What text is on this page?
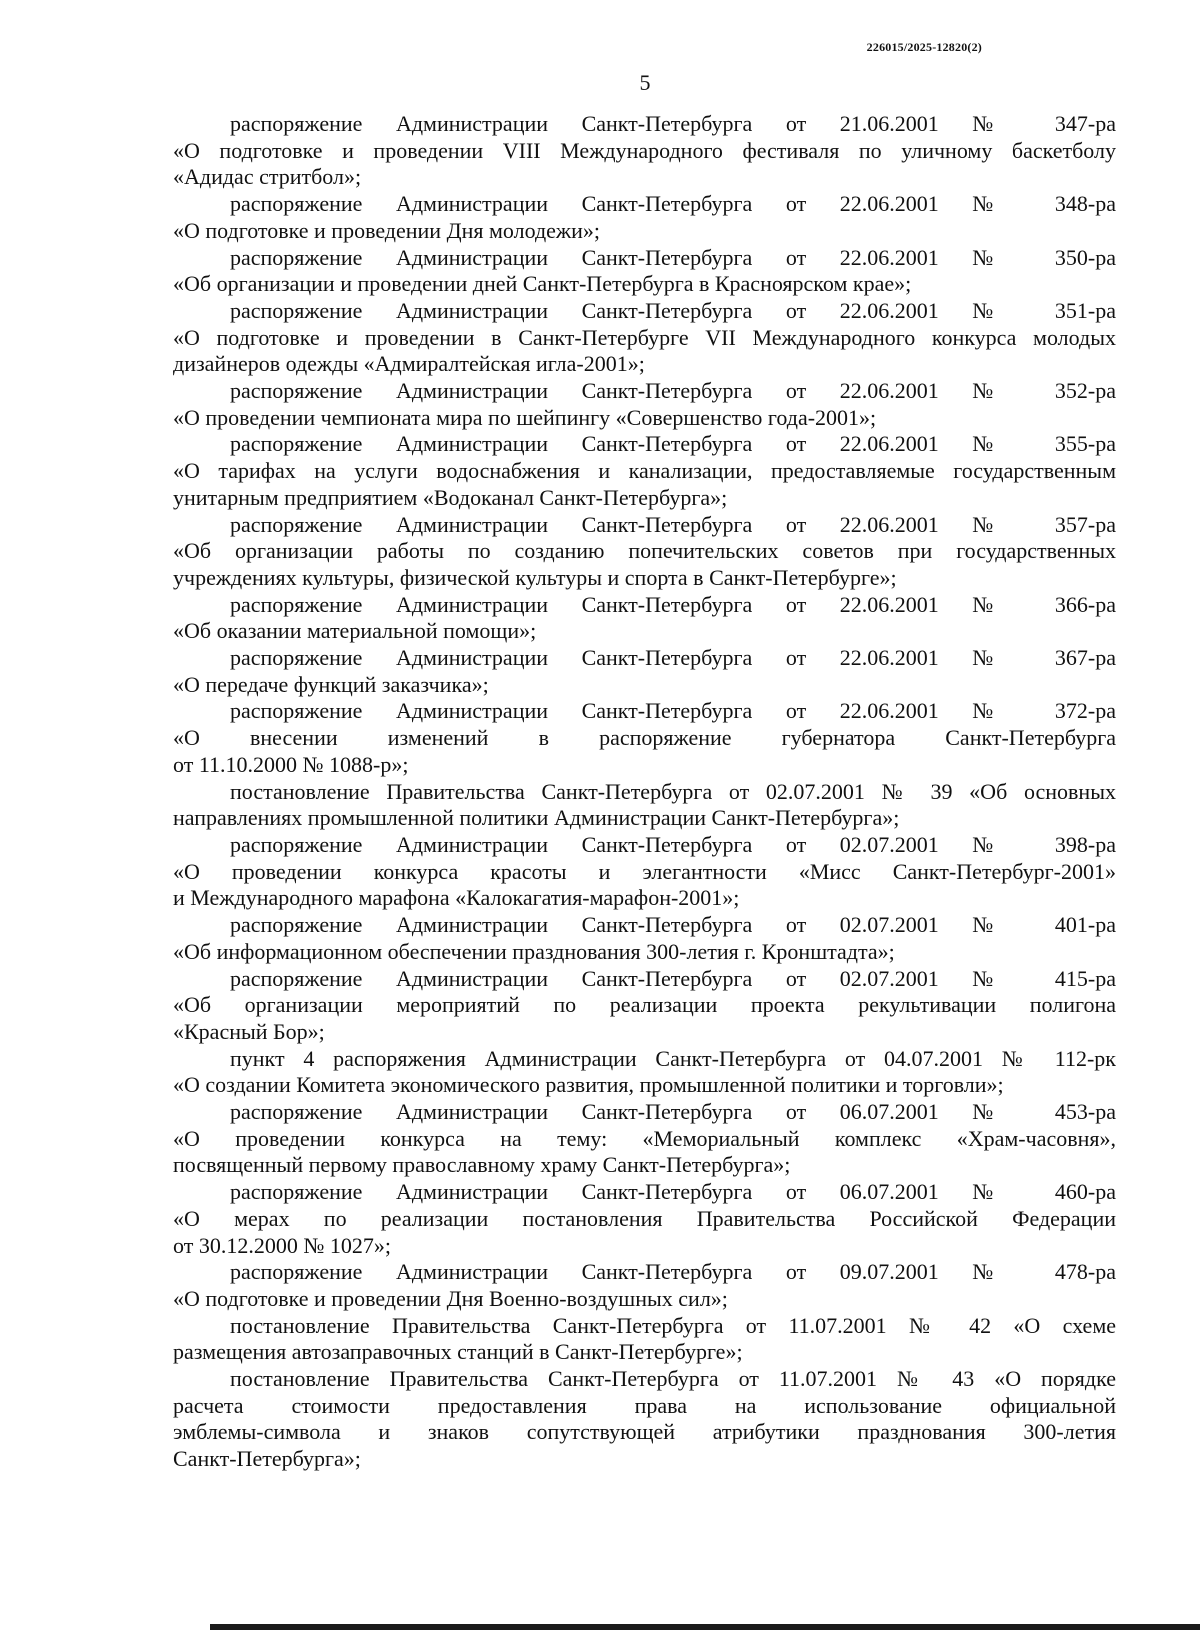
226015/2025-12820(2)
5
распоряжение Администрации Санкт-Петербурга от 21.06.2001 № 347-ра
«О подготовке и проведении VIII Международного фестиваля по уличному баскетболу
«Адидас стритбол»;
распоряжение Администрации Санкт-Петербурга от 22.06.2001 № 348-ра
«О подготовке и проведении Дня молодежи»;
распоряжение Администрации Санкт-Петербурга от 22.06.2001 № 350-ра
«Об организации и проведении дней Санкт-Петербурга в Красноярском крае»;
распоряжение Администрации Санкт-Петербурга от 22.06.2001 № 351-ра
«О подготовке и проведении в Санкт-Петербурге VII Международного конкурса молодых
дизайнеров одежды «Адмиралтейская игла-2001»;
распоряжение Администрации Санкт-Петербурга от 22.06.2001 № 352-ра
«О проведении чемпионата мира по шейпингу «Совершенство года-2001»;
распоряжение Администрации Санкт-Петербурга от 22.06.2001 № 355-ра
«О тарифах на услуги водоснабжения и канализации, предоставляемые государственным
унитарным предприятием «Водоканал Санкт-Петербурга»;
распоряжение Администрации Санкт-Петербурга от 22.06.2001 № 357-ра
«Об организации работы по созданию попечительских советов при государственных
учреждениях культуры, физической культуры и спорта в Санкт-Петербурге»;
распоряжение Администрации Санкт-Петербурга от 22.06.2001 № 366-ра
«Об оказании материальной помощи»;
распоряжение Администрации Санкт-Петербурга от 22.06.2001 № 367-ра
«О передаче функций заказчика»;
распоряжение Администрации Санкт-Петербурга от 22.06.2001 № 372-ра
«О внесении изменений в распоряжение губернатора Санкт-Петербурга
от 11.10.2000 № 1088-р»;
постановление Правительства Санкт-Петербурга от 02.07.2001 № 39 «Об основных
направлениях промышленной политики Администрации Санкт-Петербурга»;
распоряжение Администрации Санкт-Петербурга от 02.07.2001 № 398-ра
«О проведении конкурса красоты и элегантности «Мисс Санкт-Петербург-2001»
и Международного марафона «Калокагатия-марафон-2001»;
распоряжение Администрации Санкт-Петербурга от 02.07.2001 № 401-ра
«Об информационном обеспечении празднования 300-летия г. Кронштадта»;
распоряжение Администрации Санкт-Петербурга от 02.07.2001 № 415-ра
«Об организации мероприятий по реализации проекта рекультивации полигона
«Красный Бор»;
пункт 4 распоряжения Администрации Санкт-Петербурга от 04.07.2001 № 112-рк
«О создании Комитета экономического развития, промышленной политики и торговли»;
распоряжение Администрации Санкт-Петербурга от 06.07.2001 № 453-ра
«О проведении конкурса на тему: «Мемориальный комплекс «Храм-часовня»,
посвященный первому православному храму Санкт-Петербурга»;
распоряжение Администрации Санкт-Петербурга от 06.07.2001 № 460-ра
«О мерах по реализации постановления Правительства Российской Федерации
от 30.12.2000 № 1027»;
распоряжение Администрации Санкт-Петербурга от 09.07.2001 № 478-ра
«О подготовке и проведении Дня Военно-воздушных сил»;
постановление Правительства Санкт-Петербурга от 11.07.2001 № 42 «О схеме
размещения автозаправочных станций в Санкт-Петербурге»;
постановление Правительства Санкт-Петербурга от 11.07.2001 № 43 «О порядке
расчета стоимости предоставления права на использование официальной
эмблемы-символа и знаков сопутствующей атрибутики празднования 300-летия
Санкт-Петербурга»;
